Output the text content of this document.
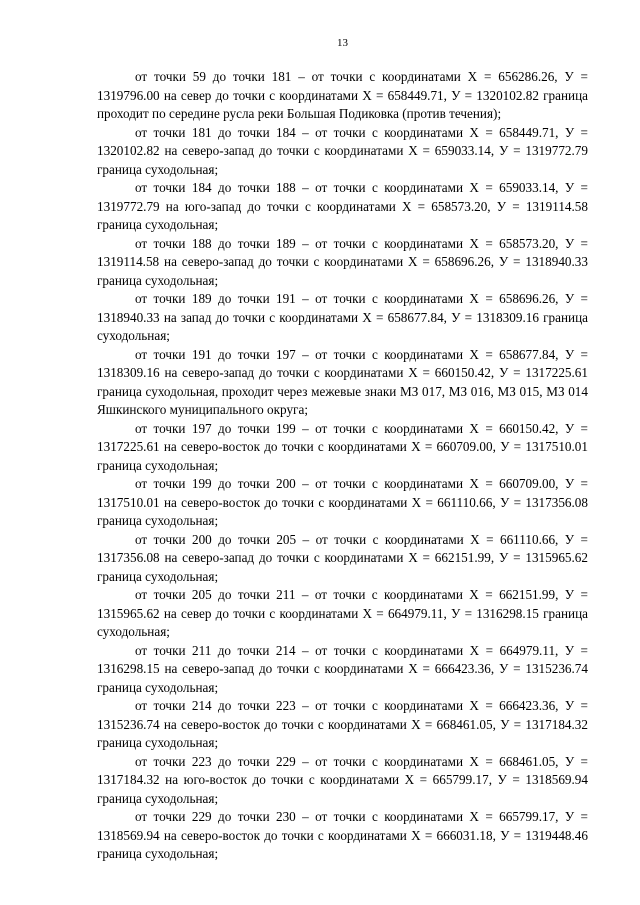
13

от точки 59 до точки 181 – от точки с координатами X = 656286.26, У = 1319796.00 на север до точки с координатами X = 658449.71, У = 1320102.82 граница проходит по середине русла реки Большая Подиковка (против течения);

от точки 181 до точки 184 – от точки с координатами X = 658449.71, У = 1320102.82 на северо-запад до точки с координатами X = 659033.14, У = 1319772.79 граница суходольная;

от точки 184 до точки 188 – от точки с координатами X = 659033.14, У = 1319772.79 на юго-запад до точки с координатами X = 658573.20, У = 1319114.58 граница суходольная;

от точки 188 до точки 189 – от точки с координатами X = 658573.20, У = 1319114.58 на северо-запад до точки с координатами X = 658696.26, У = 1318940.33 граница суходольная;

от точки 189 до точки 191 – от точки с координатами X = 658696.26, У = 1318940.33 на запад до точки с координатами X = 658677.84, У = 1318309.16 граница суходольная;

от точки 191 до точки 197 – от точки с координатами X = 658677.84, У = 1318309.16 на северо-запад до точки с координатами X = 660150.42, У = 1317225.61 граница суходольная, проходит через межевые знаки МЗ 017, МЗ 016, МЗ 015, МЗ 014 Яшкинского муниципального округа;

от точки 197 до точки 199 – от точки с координатами X = 660150.42, У = 1317225.61 на северо-восток до точки с координатами X = 660709.00, У = 1317510.01 граница суходольная;

от точки 199 до точки 200 – от точки с координатами X = 660709.00, У = 1317510.01 на северо-восток до точки с координатами X = 661110.66, У = 1317356.08 граница суходольная;

от точки 200 до точки 205 – от точки с координатами X = 661110.66, У = 1317356.08 на северо-запад до точки с координатами X = 662151.99, У = 1315965.62 граница суходольная;

от точки 205 до точки 211 – от точки с координатами X = 662151.99, У = 1315965.62 на север до точки с координатами X = 664979.11, У = 1316298.15 граница суходольная;

от точки 211 до точки 214 – от точки с координатами X = 664979.11, У = 1316298.15 на северо-запад до точки с координатами X = 666423.36, У = 1315236.74 граница суходольная;

от точки 214 до точки 223 – от точки с координатами X = 666423.36, У = 1315236.74 на северо-восток до точки с координатами X = 668461.05, У = 1317184.32 граница суходольная;

от точки 223 до точки 229 – от точки с координатами X = 668461.05, У = 1317184.32 на юго-восток до точки с координатами X = 665799.17, У = 1318569.94 граница суходольная;

от точки 229 до точки 230 – от точки с координатами X = 665799.17, У = 1318569.94 на северо-восток до точки с координатами X = 666031.18, У = 1319448.46 граница суходольная;
